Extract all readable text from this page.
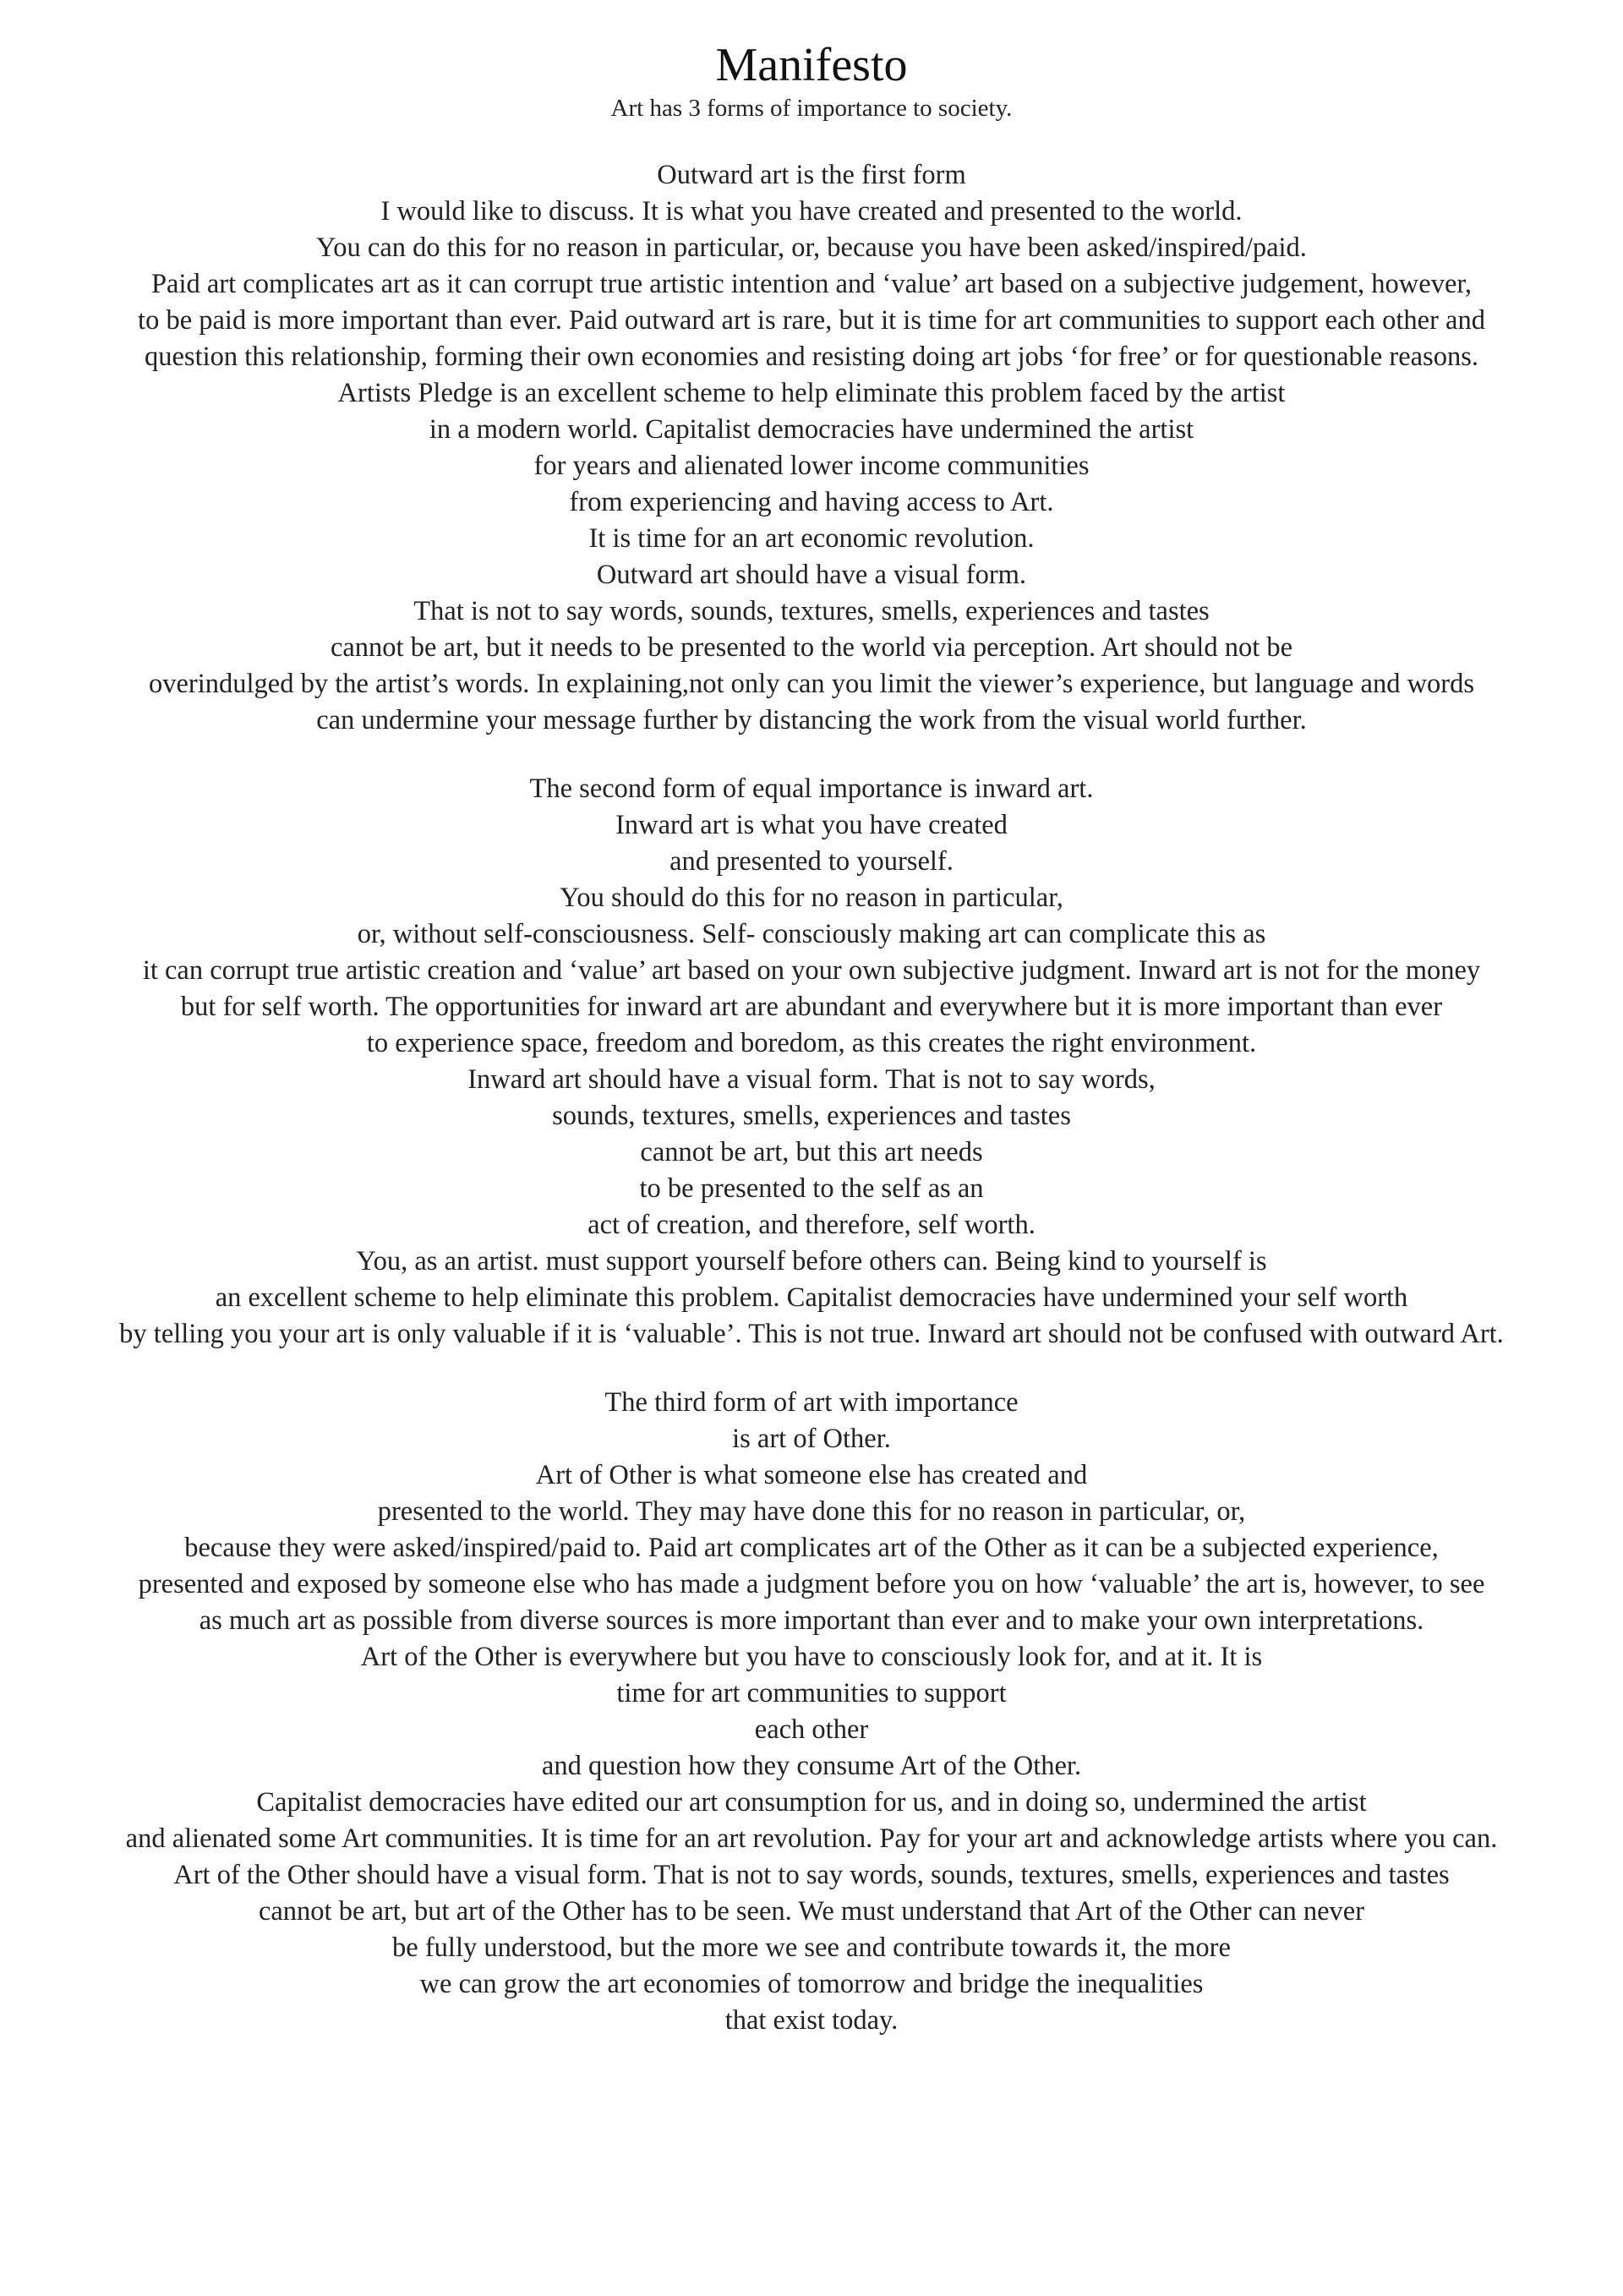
Manifesto
Art has 3 forms of importance to society.
Outward art is the first form
I would like to discuss. It is what you have created and presented to the world.
You can do this for no reason in particular, or, because you have been asked/inspired/paid.
Paid art complicates art as it can corrupt true artistic intention and ‘value’ art based on a subjective judgement, however,
to be paid is more important than ever. Paid outward art is rare, but it is time for art communities to support each other and
question this relationship, forming their own economies and resisting doing art jobs ‘for free’ or for questionable reasons.
Artists Pledge is an excellent scheme to help eliminate this problem faced by the artist
in a modern world. Capitalist democracies have undermined the artist
for years and alienated lower income communities
from experiencing and having access to Art.
It is time for an art economic revolution.
Outward art should have a visual form.
That is not to say words, sounds, textures, smells, experiences and tastes
cannot be art, but it needs to be presented to the world via perception. Art should not be
overindulged by the artist’s words. In explaining,not only can you limit the viewer’s experience, but language and words
can undermine your message further by distancing the work from the visual world further.
The second form of equal importance is inward art.
Inward art is what you have created
and presented to yourself.
You should do this for no reason in particular,
or, without self-consciousness. Self- consciously making art can complicate this as
it can corrupt true artistic creation and ‘value’ art based on your own subjective judgment. Inward art is not for the money
but for self worth. The opportunities for inward art are abundant and everywhere but it is more important than ever
to experience space, freedom and boredom, as this creates the right environment.
Inward art should have a visual form. That is not to say words,
sounds, textures, smells, experiences and tastes
cannot be art, but this art needs
to be presented to the self as an
act of creation, and therefore, self worth.
You, as an artist. must support yourself before others can. Being kind to yourself is
an excellent scheme to help eliminate this problem. Capitalist democracies have undermined your self worth
by telling you your art is only valuable if it is ‘valuable’. This is not true. Inward art should not be confused with outward Art.
The third form of art with importance
is art of Other.
Art of Other is what someone else has created and
presented to the world. They may have done this for no reason in particular, or,
because they were asked/inspired/paid to. Paid art complicates art of the Other as it can be a subjected experience,
presented and exposed by someone else who has made a judgment before you on how ‘valuable’ the art is, however, to see
as much art as possible from diverse sources is more important than ever and to make your own interpretations.
Art of the Other is everywhere but you have to consciously look for, and at it. It is
time for art communities to support
each other
and question how they consume Art of the Other.
Capitalist democracies have edited our art consumption for us, and in doing so, undermined the artist
and alienated some Art communities. It is time for an art revolution. Pay for your art and acknowledge artists where you can.
Art of the Other should have a visual form. That is not to say words, sounds, textures, smells, experiences and tastes
cannot be art, but art of the Other has to be seen. We must understand that Art of the Other can never
be fully understood, but the more we see and contribute towards it, the more
we can grow the art economies of tomorrow and bridge the inequalities
that exist today.
